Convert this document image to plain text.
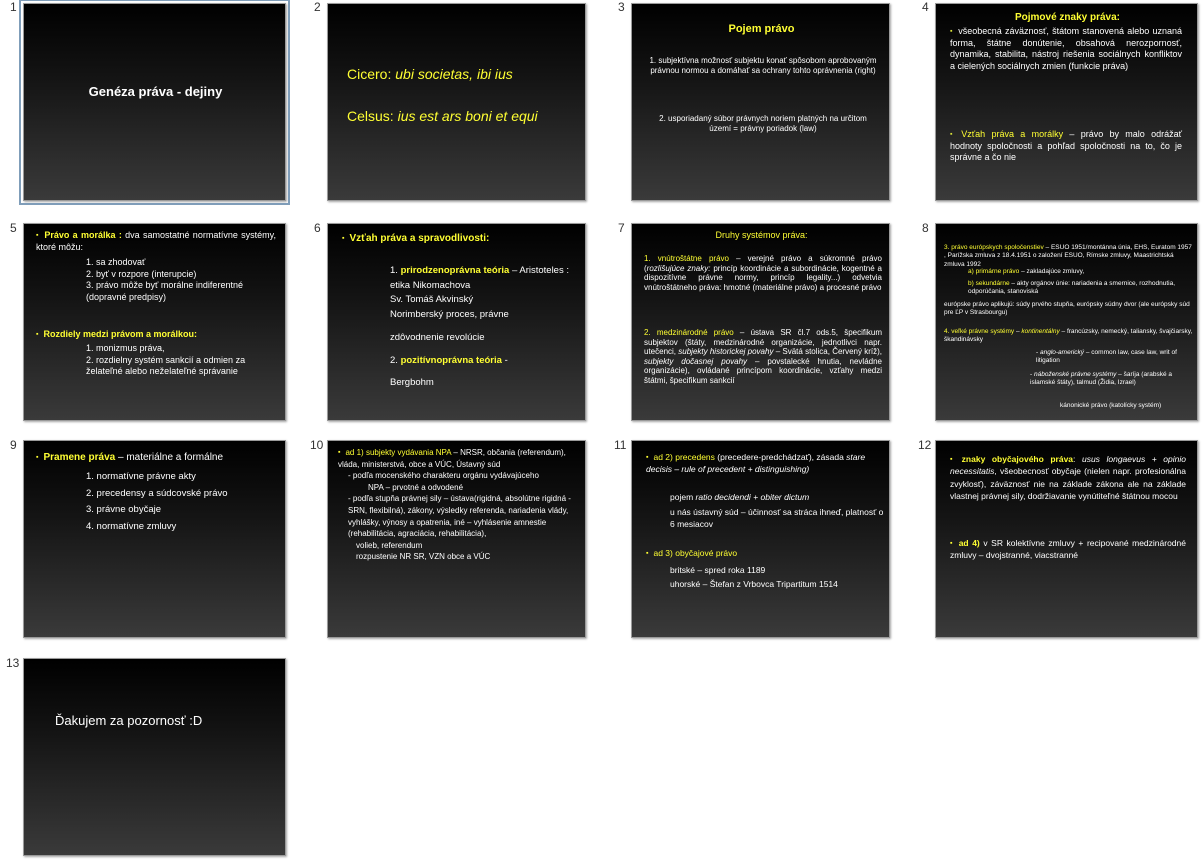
1
Genéza práva - dejiny
2
Cicero: ubi societas, ibi ius
Celsus: ius est ars boni et equi
3
Pojem právo
1. subjektívna možnosť subjektu konať spôsobom aprobovaným právnou normou a domáhať sa ochrany tohto oprávnenia (right)
2. usporiadaný súbor právnych noriem platných na určitom území = právny poriadok (law)
4
Pojmové znaky práva:
▪ všeobecná záväznosť, štátom stanovená alebo uznaná forma, štátne donútenie, obsahová nerozpornosť, dynamika, stabilita, nástroj riešenia sociálnych konfliktov a cielených sociálnych zmien (funkcie práva)
▪ Vzťah práva a morálky – právo by malo odrážať hodnoty spoločnosti a pohľad spoločnosti na to, čo je správne a čo nie
5
▪	Právo a morálka : dva samostatné normatívne systémy, ktoré môžu:
1. sa zhodovať
2. byť v rozpore (interupcie)
3. právo môže byť morálne indiferentné (dopravné predpisy)
▪ Rozdiely medzi právom a morálkou:
1. monizmus práva,
2. rozdielny systém sankcií a odmien za želateľné alebo neželateľné správanie
6
▪ Vzťah práva a spravodlivosti:
1. prirodzenoprávna teória – Aristoteles : etika Nikomachova
Sv. Tomáš Akvinský
Norimberský proces, právne
zdôvodnenie revolúcie
2. pozitívnoprávna teória -
Bergbohm
7	Druhy systémov práva:
1. vnútroštátne právo – verejné právo a súkromné právo (rozlišujúce znaky: princíp koordinácie a subordinácie, kogentné a dispozitívne právne normy, princíp legality...) odvetvia vnútroštátneho práva: hmotné (materiálne právo) a procesné právo
2. medzinárodné právo – ústava SR čl.7 ods.5, špecifikum subjektov (štáty, medzinárodné organizácie, jednotlivci napr. utečenci, subjekty historickej povahy – Svätá stolica, Červený kríž), subjekty dočasnej povahy – povstalecké hnutia, nevládne organizácie), ovládané princípom koordinácie, vzťahy medzi štátmi, špecifikum sankcií
8
3. právo európskych spoločenstiev – ESUO 1951/montánna únia, EHS, Euratom 1957 , Parížska zmluva z 18.4.1951 o založení ESUO, Rímske zmluvy, Maastrichtská zmluva 1992
a) primárne právo – zakladajúce zmluvy,
b) sekundárne – akty orgánov únie: nariadenia a smernice, rozhodnutia, odporúčania, stanoviská
európske právo aplikujú: súdy prvého stupňa, európsky súdny dvor (ale európsky súd pre ĽP v Strasbourgu)
4. veľké právne systémy – kontinentálny – francúzsky, nemecký, taliansky, švajčiarsky, škandinávsky
- anglo-americký – common law, case law, writ of litigation
- náboženské právne systémy – šaríja (arabské a islamské štáty), talmud (Židia, Izrael)
kánonické právo (katolícky systém)
9
▪ Pramene práva – materiálne a formálne
1. normatívne právne akty
2. precedensy a súdcovské právo
3. právne obyčaje
4. normatívne zmluvy
10
▪ ad 1) subjekty vydávania NPA – NRSR, občania (referendum), vláda, ministerstvá, obce a VÚC, Ústavný súd
- podľa mocenského charakteru orgánu vydávajúceho
NPA – prvotné a odvodené
- podľa stupňa právnej sily – ústava(rigidná, absolútne rigidná - SRN, flexibilná), zákony, výsledky referenda, nariadenia vlády, vyhlášky, výnosy a opatrenia, iné – vyhlásenie amnestie (rehabilitácia, agraciácia, rehabilitácia),
volieb, referendum
rozpustenie NR SR, VZN obce a VÚC
11
▪ ad 2) precedens (precedere-predchádzať), zásada stare decisis – rule of precedent + distinguishing)
pojem ratio decidendi + obiter dictum
u nás ústavný súd – účinnosť sa stráca ihneď, platnosť o 6 mesiacov
▪ ad 3) obyčajové právo
britské – spred roka 1189
uhorské – Štefan z Vrbovca Tripartitum 1514
12
▪ znaky obyčajového práva: usus longaevus + opinio necessitatis, všeobecnosť obyčaje (nielen napr. profesionálna zvyklosť), záväznosť nie na základe zákona ale na základe vlastnej právnej sily, dodržiavanie vynútiteľné štátnou mocou
▪ ad 4) v SR kolektívne zmluvy + recipované medzinárodné zmluvy – dvojstranné, viacstranné
13
Ďakujem za pozornosť :D
